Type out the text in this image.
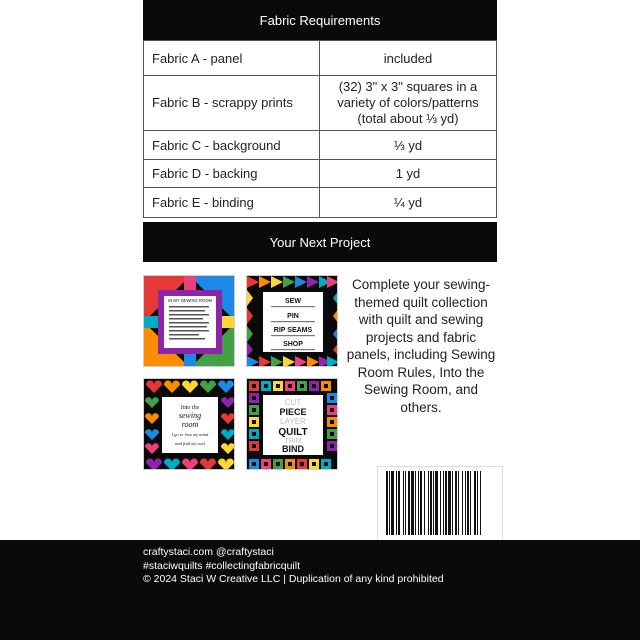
Fabric Requirements
Fabric A - panel	included
Fabric B - scrappy prints	(32) 3" x 3" squares in a variety of colors/patterns (total about ⅓ yd)
Fabric C - background	⅓ yd
Fabric D - backing	1 yd
Fabric E - binding	¼ yd
Your Next Project
IN MY SEWING ROOM	SEW
PIN
RIP SEAMS
SHOP
Into the
sewing
room
I go to lose my mind
and find my soul
CUT
PIECE
LAYER
QUILT
TRIM
BIND

Complete your sewing-themed quilt collection with quilt and sewing projects and fabric panels, including Sewing Room Rules, Into the Sewing Room, and others.

craftystaci.com @craftystaci
#staciwquilts #collectingfabricquilt
© 2024 Staci W Creative LLC | Duplication of any kind prohibited
